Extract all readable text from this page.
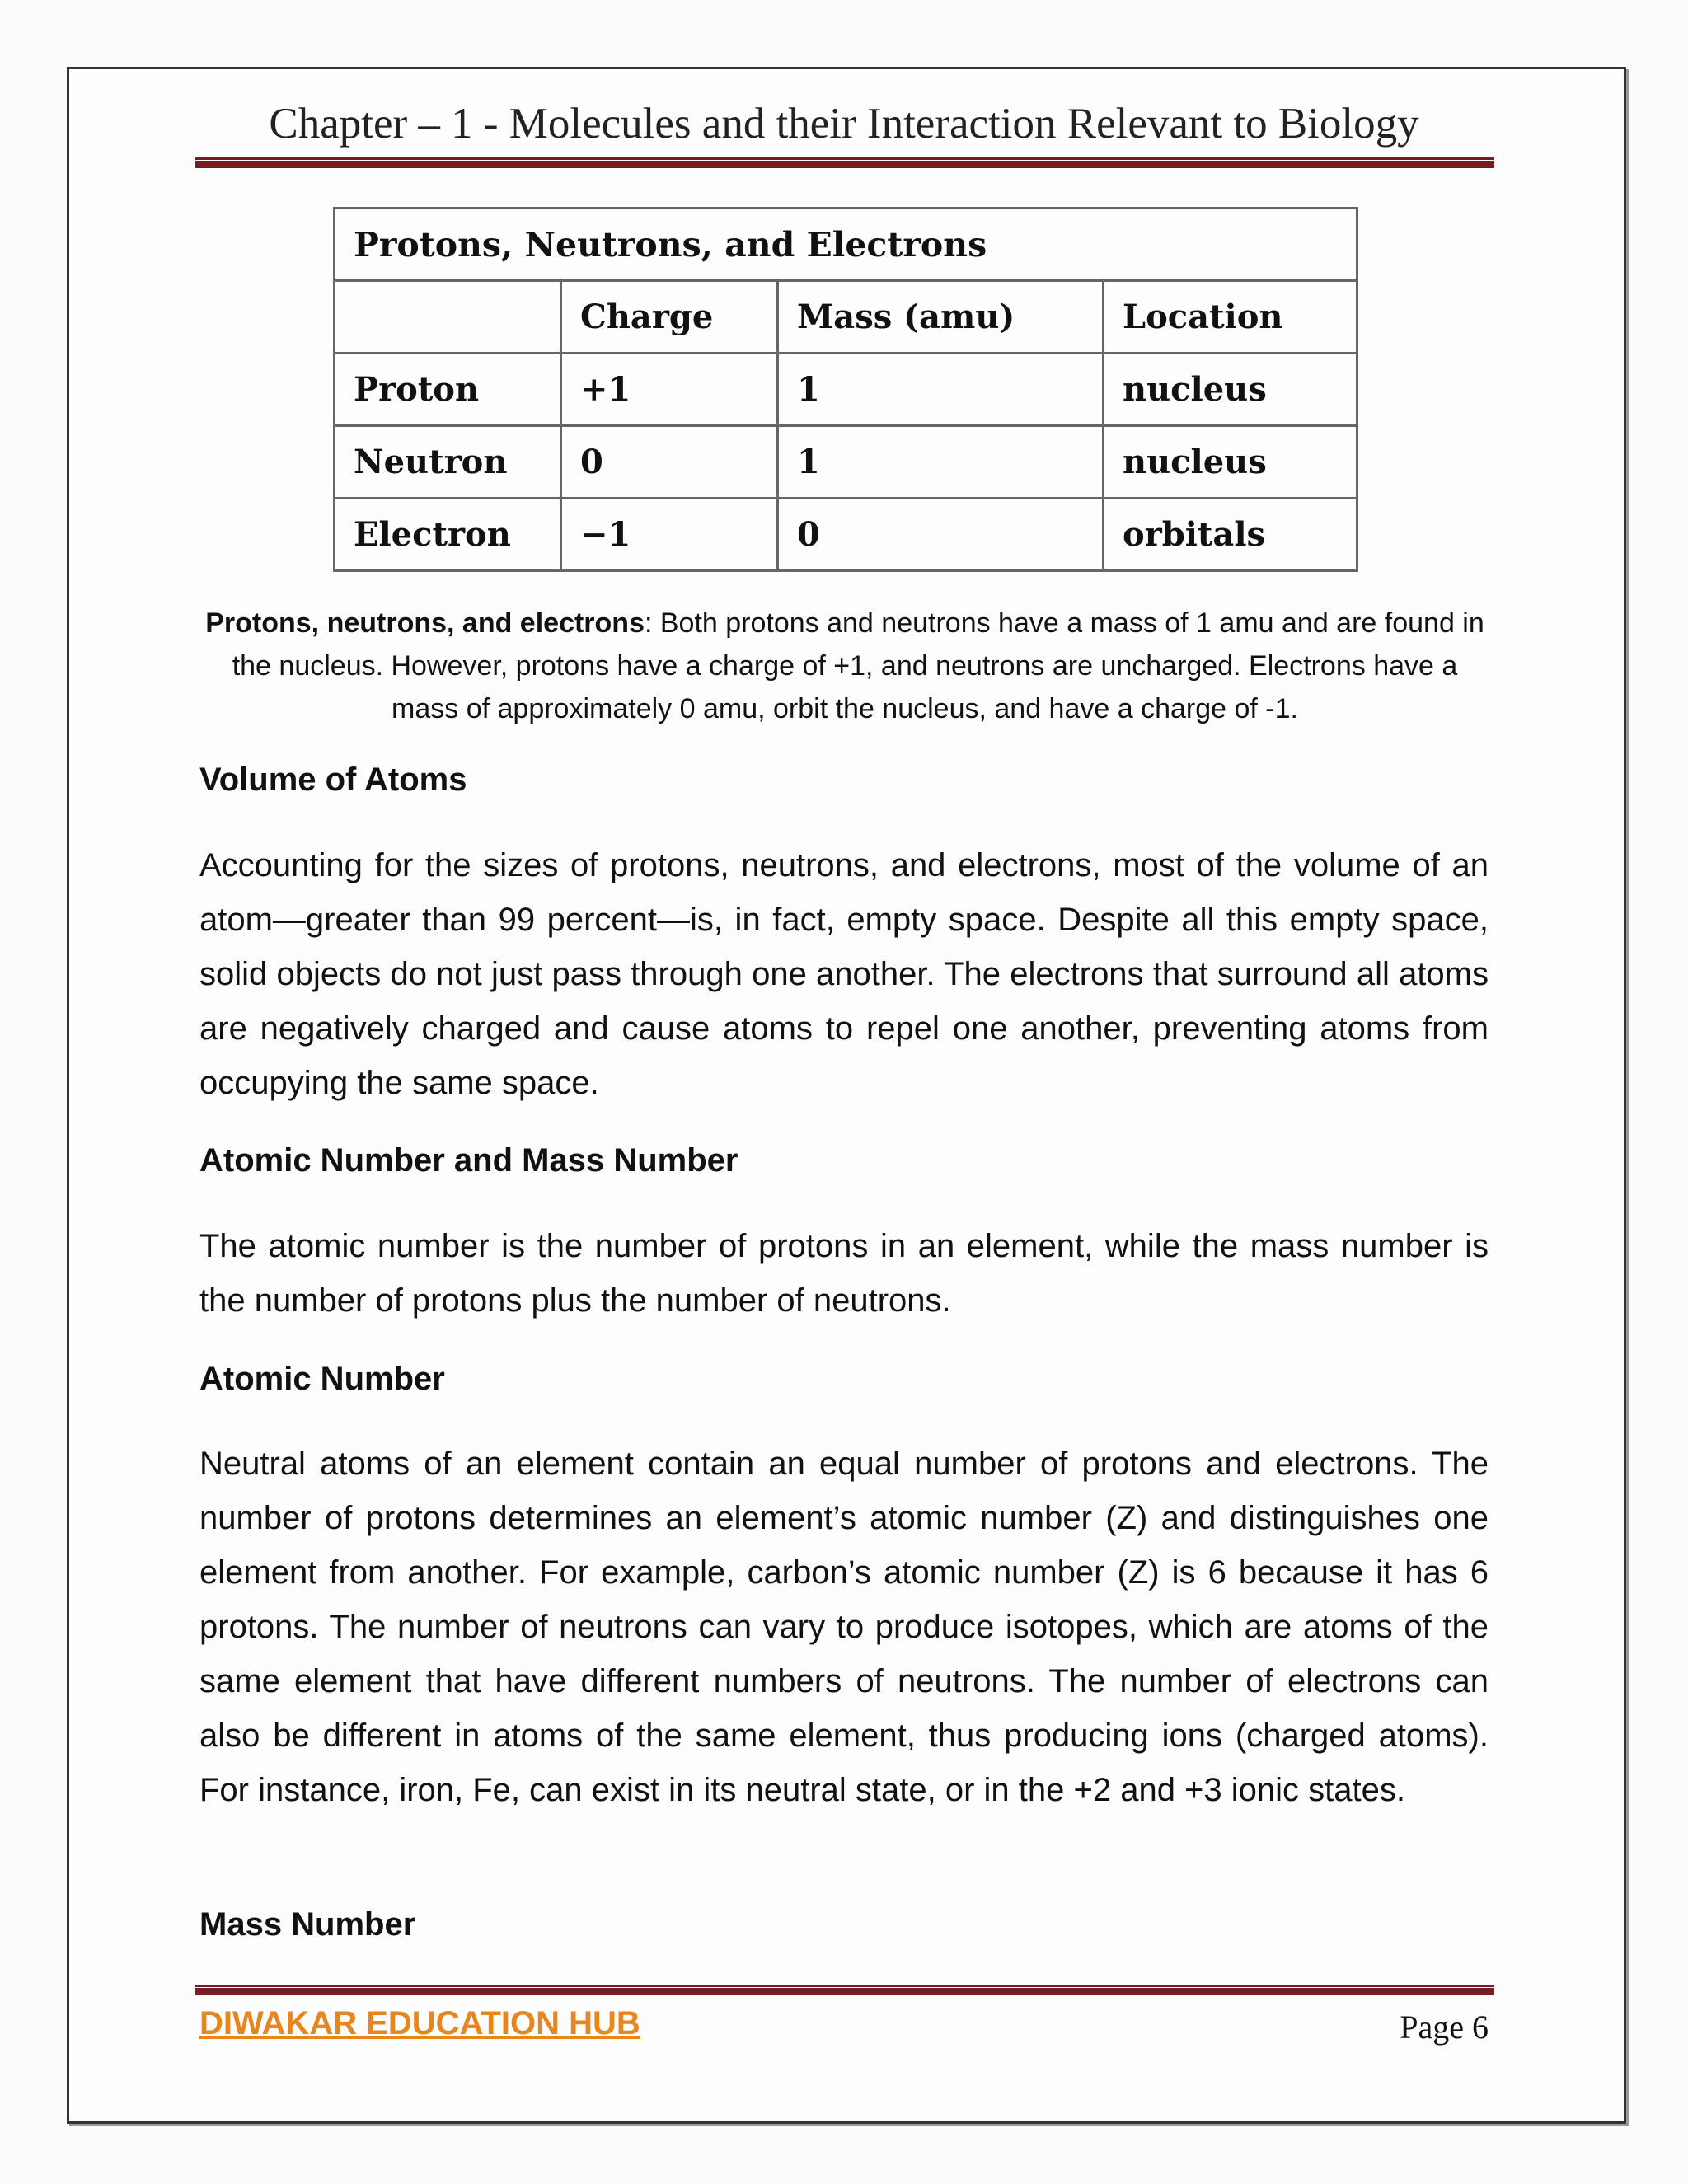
Chapter – 1 - Molecules and their Interaction Relevant to Biology
Protons, Neutrons, and Electrons			
	Charge	Mass (amu)	Location
Proton	+1	1	nucleus
Neutron	0	1	nucleus
Electron	−1	0	orbitals
Protons, neutrons, and electrons: Both protons and neutrons have a mass of 1 amu and are found in the nucleus. However, protons have a charge of +1, and neutrons are uncharged. Electrons have a mass of approximately 0 amu, orbit the nucleus, and have a charge of -1.
Volume of Atoms
Accounting for the sizes of protons, neutrons, and electrons, most of the volume of an atom—greater than 99 percent—is, in fact, empty space. Despite all this empty space, solid objects do not just pass through one another. The electrons that surround all atoms are negatively charged and cause atoms to repel one another, preventing atoms from occupying the same space.
Atomic Number and Mass Number
The atomic number is the number of protons in an element, while the mass number is the number of protons plus the number of neutrons.
Atomic Number
Neutral atoms of an element contain an equal number of protons and electrons. The number of protons determines an element’s atomic number (Z) and distinguishes one element from another. For example, carbon’s atomic number (Z) is 6 because it has 6 protons. The number of neutrons can vary to produce isotopes, which are atoms of the same element that have different numbers of neutrons. The number of electrons can also be different in atoms of the same element, thus producing ions (charged atoms). For instance, iron, Fe, can exist in its neutral state, or in the +2 and +3 ionic states.
Mass Number
DIWAKAR EDUCATION HUB	Page 6
